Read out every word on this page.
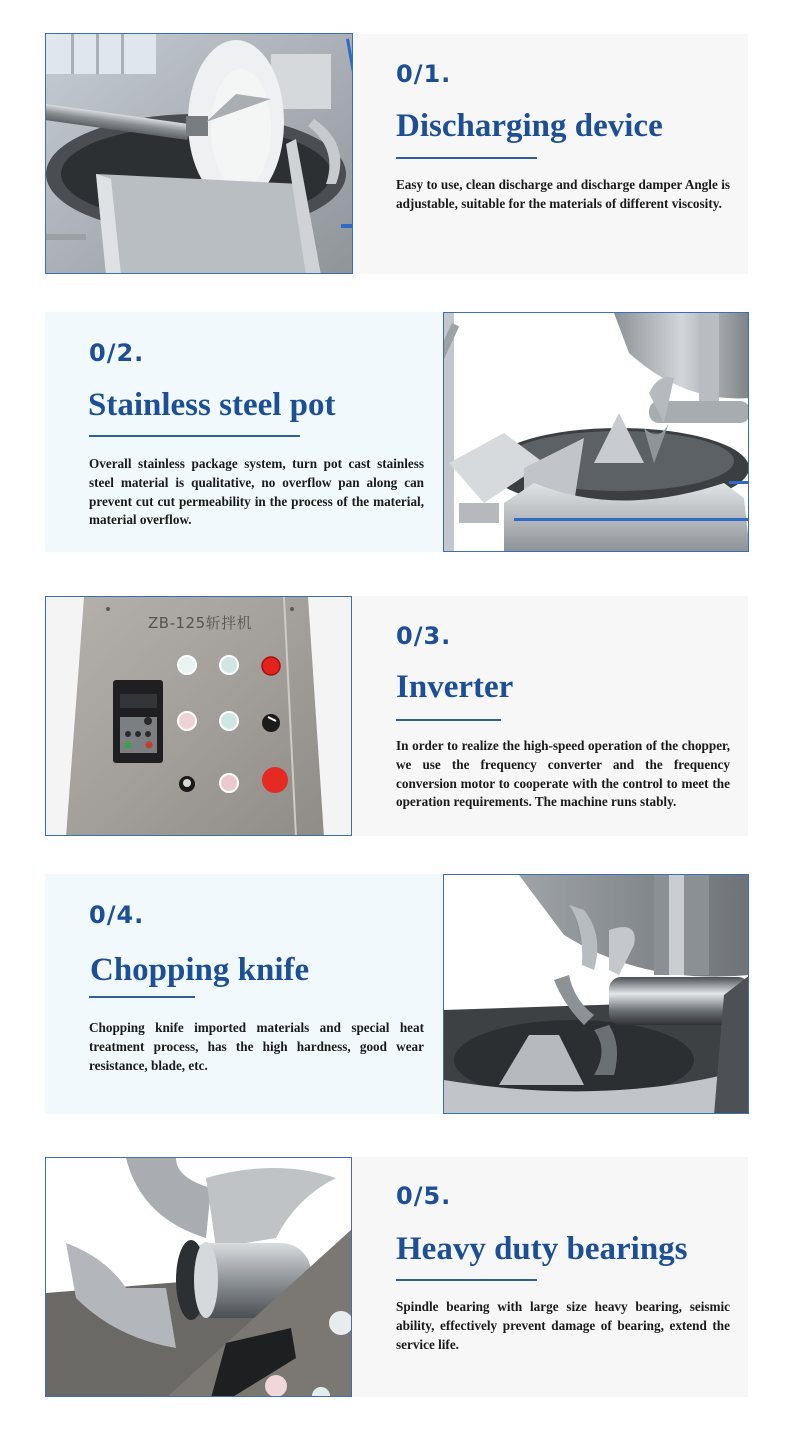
0/1.
Discharging device
Easy to use, clean discharge and discharge damper Angle is adjustable, suitable for the materials of different viscosity.
0/2.
Stainless steel pot
Overall stainless package system, turn pot cast stainless steel material is qualitative, no overflow pan along can prevent cut cut permeability in the process of the material, material overflow.
ZB-125斩拌机	0/3.
Inverter
In order to realize the high-speed operation of the chopper, we use the frequency converter and the frequency conversion motor to cooperate with the control to meet the operation requirements. The machine runs stably.
0/4.
Chopping knife
Chopping knife imported materials and special heat treatment process, has the high hardness, good wear resistance, blade, etc.
0/5.
Heavy duty bearings
Spindle bearing with large size heavy bearing, seismic ability, effectively prevent damage of bearing, extend the service life.
